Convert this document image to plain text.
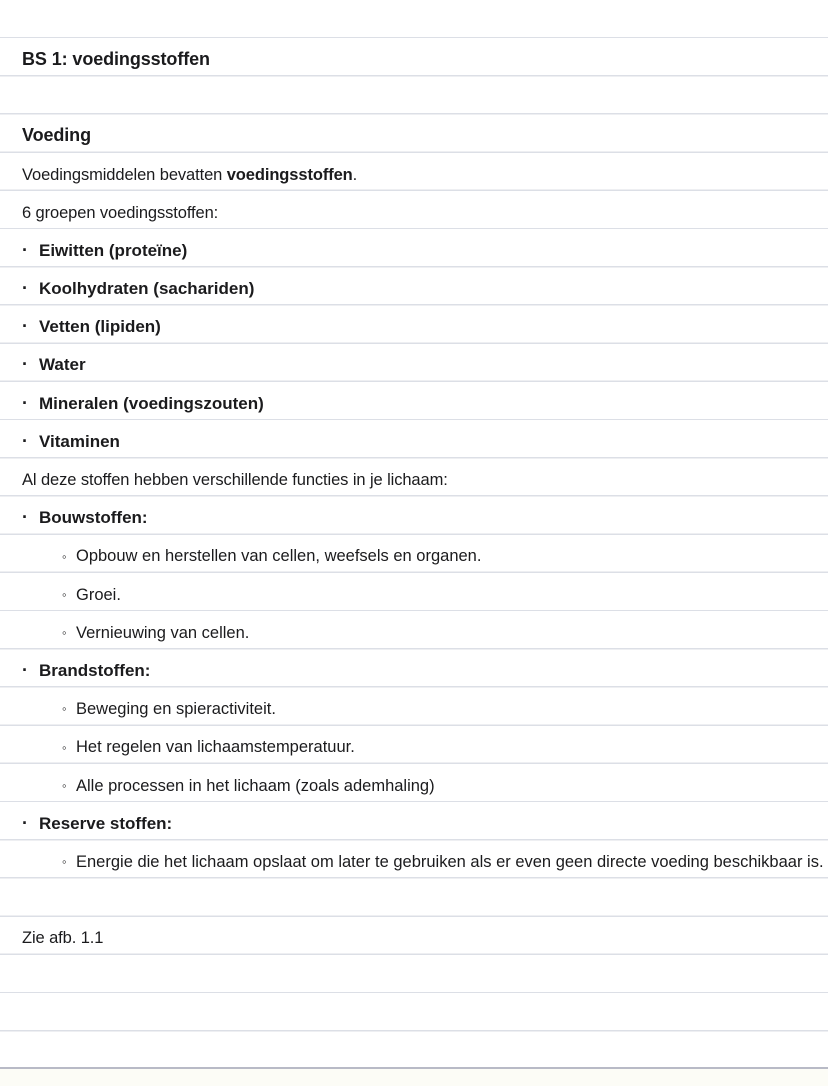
BS 1: voedingsstoffen
Voeding
Voedingsmiddelen bevatten voedingsstoffen.
6 groepen voedingsstoffen:
· Eiwitten (proteïne)
· Koolhydraten (sachariden)
· Vetten (lipiden)
· Water
· Mineralen (voedingszouten)
· Vitaminen
Al deze stoffen hebben verschillende functies in je lichaam:
· Bouwstoffen:
◦ Opbouw en herstellen van cellen, weefsels en organen.
◦ Groei.
◦ Vernieuwing van cellen.
· Brandstoffen:
◦ Beweging en spieractiviteit.
◦ Het regelen van lichaamstemperatuur.
◦ Alle processen in het lichaam (zoals ademhaling)
· Reserve stoffen:
◦ Energie die het lichaam opslaat om later te gebruiken als er even geen directe voeding beschikbaar is.
Zie afb. 1.1
